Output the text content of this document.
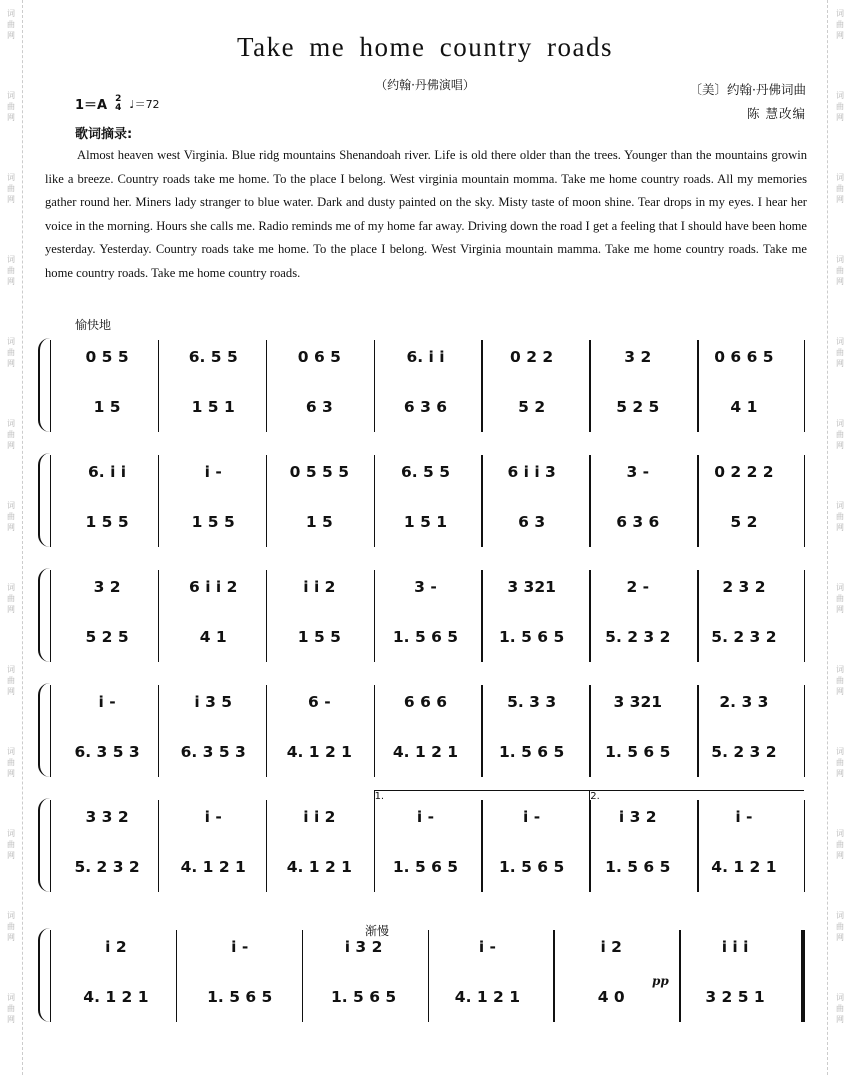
词
曲
网
词
曲
网
词
曲
网
词
曲
网
词
曲
网
词
曲
网
词
曲
网
词
曲
网
词
曲
网
词
曲
网
词
曲
网
词
曲
网
词
曲
网
词
曲
网
词
曲
网
词
曲
网
词
曲
网
词
曲
网
词
曲
网
词
曲
网
词
曲
网
词
曲
网
词
曲
网
词
曲
网
词
曲
网
词
曲
网
Take me home country roads
（约翰·丹佛演唱）	〔美〕约翰·丹佛词曲
陈 慧改编
1＝A 2
4 ♩＝72
歌词摘录:
Almost heaven west Virginia. Blue ridg mountains Shenandoah river. Life is old there older than the trees. Younger than the mountains growin like a breeze. Country roads take me home. To the place I belong. West virginia mountain momma. Take me home country roads. All my memories gather round her. Miners lady stranger to blue water. Dark and dusty painted on the sky. Misty taste of moon shine. Tear drops in my eyes. I hear her voice in the morning. Hours she calls me. Radio reminds me of my home far away. Driving down the road I get a feeling that I should have been home yesterday. Yesterday. Country roads take me home. To the place I belong. West Virginia mountain mamma. Take me home country roads. Take me home country roads. Take me home country roads.
愉快地
渐慢
pp
0 5 5	6. 5 5	0 6 5	6. i i	0 2 2	3 2	0 6 6 5
1 5	1 5 1	6 3	6 3 6	5 2	5 2 5	4 1
6. i i	i -	0 5 5 5	6. 5 5	6 i i 3	3 -	0 2 2 2
1 5 5	1 5 5	1 5	1 5 1	6 3	6 3 6	5 2
3 2	6 i i 2	i i 2	3 -	3 321	2 -	2 3 2
5 2 5	4 1	1 5 5	1. 5 6 5	1. 5 6 5	5. 2 3 2	5. 2 3 2
i -	i 3 5	6 -	6 6 6	5. 3 3	3 321	2. 3 3
6. 3 5 3	6. 3 5 3	4. 1 2 1	4. 1 2 1	1. 5 6 5	1. 5 6 5	5. 2 3 2
3 3 2	i -	i i 2	i -	i -	i 3 2	i -
5. 2 3 2	4. 1 2 1	4. 1 2 1	1. 5 6 5	1. 5 6 5	1. 5 6 5	4. 1 2 1
1.	2.
i 2	i -	i 3 2	i -	i 2	i i i
4. 1 2 1	1. 5 6 5	1. 5 6 5	4. 1 2 1	4 0	3 2 5 1
